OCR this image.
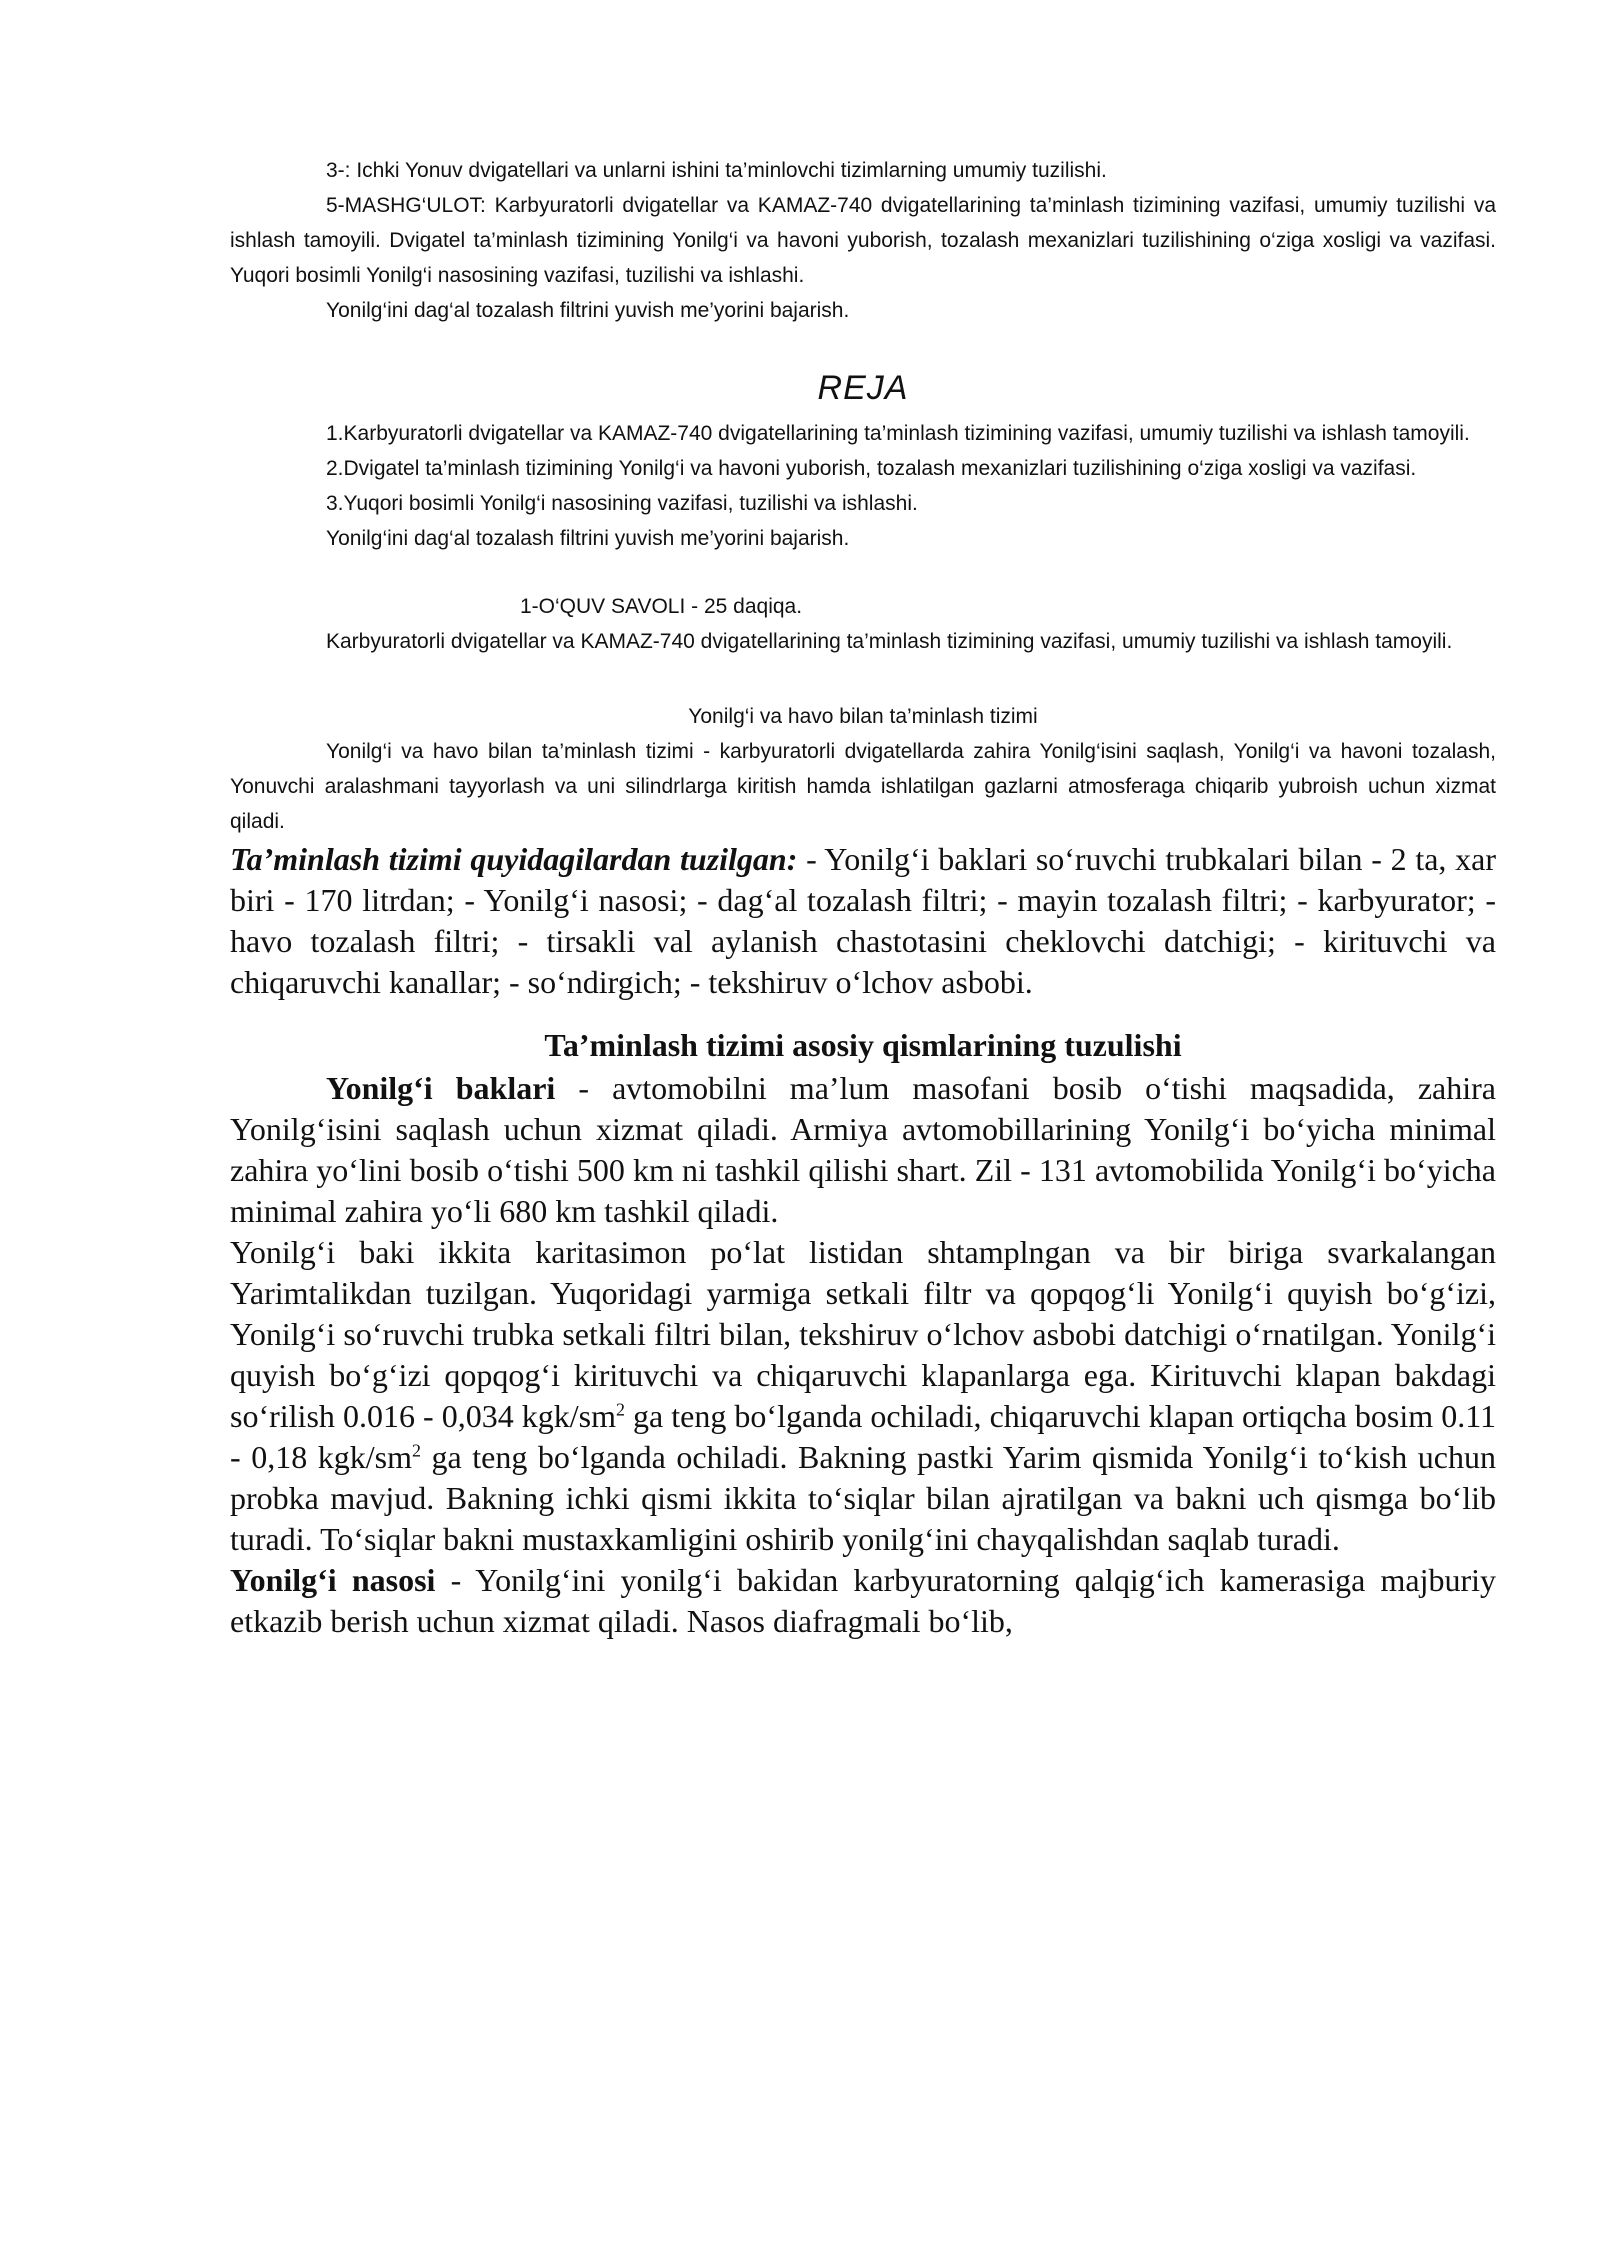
3-: Ichki Yonuv dvigatellari va unlarni ishini ta’minlovchi tizimlarning umumiy tuzilishi.

5-MASHG‘ULOT: Karbyuratorli dvigatellar va KAMAZ-740 dvigatellarining ta’minlash tizimining vazifasi, umumiy tuzilishi va ishlash tamoyili. Dvigatel ta’minlash tizimining Yonilg‘i va havoni yuborish, tozalash mexanizlari tuzilishining o‘ziga xosligi va vazifasi. Yuqori bosimli Yonilg‘i nasosining vazifasi, tuzilishi va ishlashi.

Yonilg‘ini dag‘al tozalash filtrini yuvish me’yorini bajarish.

REJA

1.Karbyuratorli dvigatellar va KAMAZ-740 dvigatellarining ta’minlash tizimining vazifasi, umumiy tuzilishi va ishlash tamoyili.

2.Dvigatel ta’minlash tizimining Yonilg‘i va havoni yuborish, tozalash mexanizlari tuzilishining o‘ziga xosligi va vazifasi.

3.Yuqori bosimli Yonilg‘i nasosining vazifasi, tuzilishi va ishlashi.

Yonilg‘ini dag‘al tozalash filtrini yuvish me’yorini bajarish.

1-O‘QUV SAVOLI - 25 daqiqa.

Karbyuratorli dvigatellar va KAMAZ-740 dvigatellarining ta’minlash tizimining vazifasi, umumiy tuzilishi va ishlash tamoyili.

Yonilg‘i va havo bilan ta’minlash tizimi

Yonilg‘i va havo bilan ta’minlash tizimi - karbyuratorli dvigatellarda zahira Yonilg‘isini saqlash, Yonilg‘i va havoni tozalash, Yonuvchi aralashmani tayyorlash va uni silindrlarga kiritish hamda ishlatilgan gazlarni atmosferaga chiqarib yubroish uchun xizmat qiladi.

Ta’minlash tizimi quyidagilardan tuzilgan: - Yonilg‘i baklari so‘ruvchi trubkalari bilan - 2 ta, xar biri - 170 litrdan; - Yonilg‘i nasosi; - dag‘al tozalash filtri; - mayin tozalash filtri; - karbyurator; - havo tozalash filtri; - tirsakli val aylanish chastotasini cheklovchi datchigi; - kirituvchi va chiqaruvchi kanallar; - so‘ndirgich; - tekshiruv o‘lchov asbobi.

Ta’minlash tizimi asosiy qismlarining tuzulishi

Yonilg‘i baklari - avtomobilni ma’lum masofani bosib o‘tishi maqsadida, zahira Yonilg‘isini saqlash uchun xizmat qiladi. Armiya avtomobillarining Yonilg‘i bo‘yicha minimal zahira yo‘lini bosib o‘tishi 500 km ni tashkil qilishi shart. Zil - 131 avtomobilida Yonilg‘i bo‘yicha minimal zahira yo‘li 680 km tashkil qiladi.

Yonilg‘i baki ikkita karitasimon po‘lat listidan shtamplngan va bir biriga svarkalangan Yarimtalikdan tuzilgan. Yuqoridagi yarmiga setkali filtr va qopqog‘li Yonilg‘i quyish bo‘g‘izi, Yonilg‘i so‘ruvchi trubka setkali filtri bilan, tekshiruv o‘lchov asbobi datchigi o‘rnatilgan. Yonilg‘i quyish bo‘g‘izi qopqog‘i kirituvchi va chiqaruvchi klapanlarga ega. Kirituvchi klapan bakdagi so‘rilish 0.016 - 0,034 kgk/$sm^2$ ga teng bo‘lganda ochiladi, chiqaruvchi klapan ortiqcha bosim 0.11 - 0,18 kgk/$sm^2$ ga teng bo‘lganda ochiladi. Bakning pastki Yarim qismida Yonilg‘i to‘kish uchun probka mavjud. Bakning ichki qismi ikkita to‘siqlar bilan ajratilgan va bakni uch qismga bo‘lib turadi. To‘siqlar bakni mustaxkamligini oshirib yonilg‘ini chayqalishdan saqlab turadi.

Yonilg‘i nasosi - Yonilg‘ini yonilg‘i bakidan karbyuratorning qalqig‘ich kamerasiga majburiy etkazib berish uchun xizmat qiladi. Nasos diafragmali bo‘lib,
